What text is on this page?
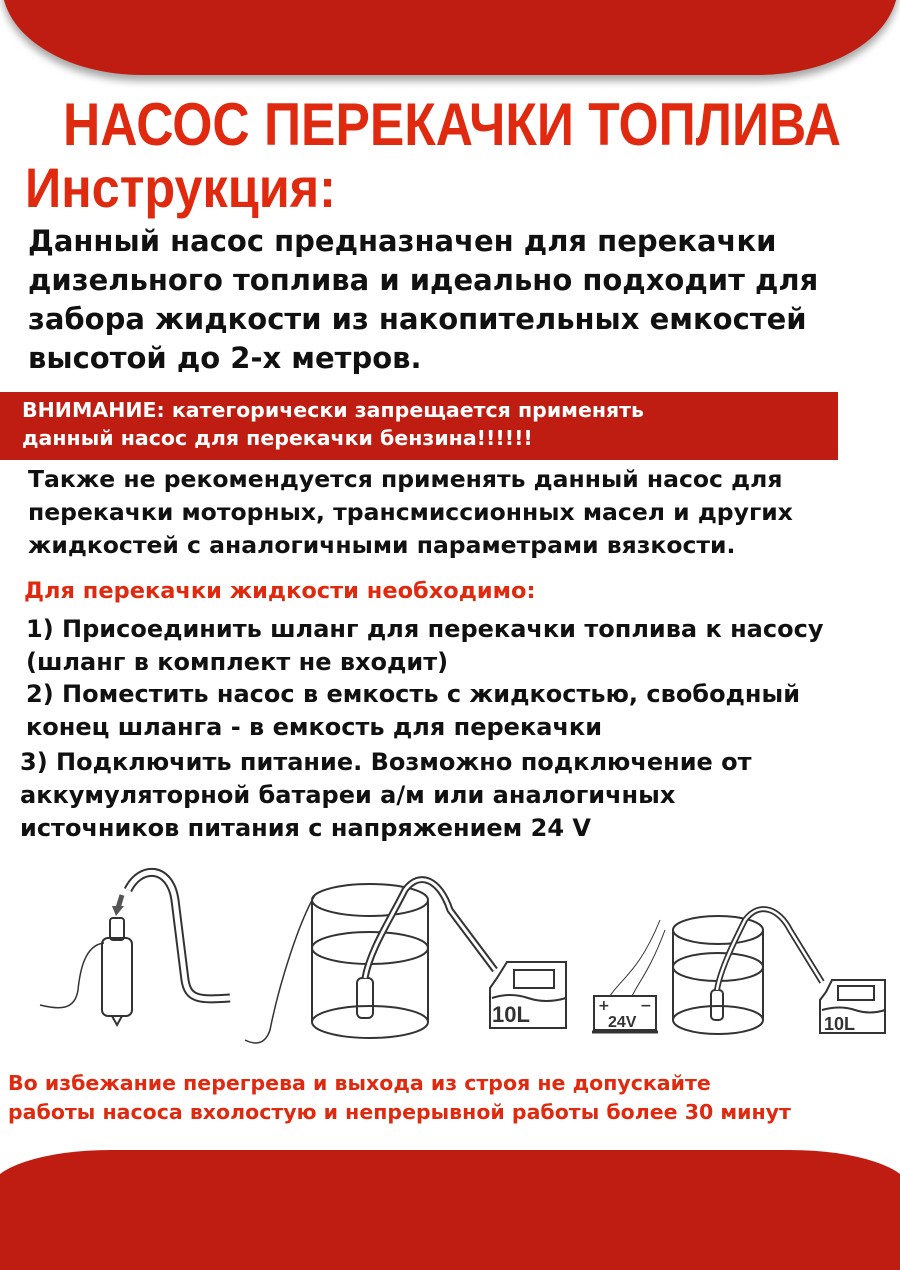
НАСОС ПЕРЕКАЧКИ ТОПЛИВА
Инструкция:
Данный насос предназначен для перекачки
дизельного топлива и идеально подходит для
забора жидкости из накопительных емкостей
высотой до 2-х метров.
ВНИМАНИЕ: категорически запрещается применять
данный насос для перекачки бензина!!!!!!
Также не рекомендуется применять данный насос для
перекачки моторных, трансмиссионных масел и других
жидкостей с аналогичными параметрами вязкости.
Для перекачки жидкости необходимо:
1) Присоединить шланг для перекачки топлива к насосу
(шланг в комплект не входит)
2) Поместить насос в емкость с жидкостью, свободный
конец шланга - в емкость для перекачки
3) Подключить питание. Возможно подключение от
аккумуляторной батареи а/м или аналогичных
источников питания с напряжением 24 V
10L	+ −
24V	10L
Во избежание перегрева и выхода из строя не допускайте
работы насоса вхолостую и непрерывной работы более 30 минут
